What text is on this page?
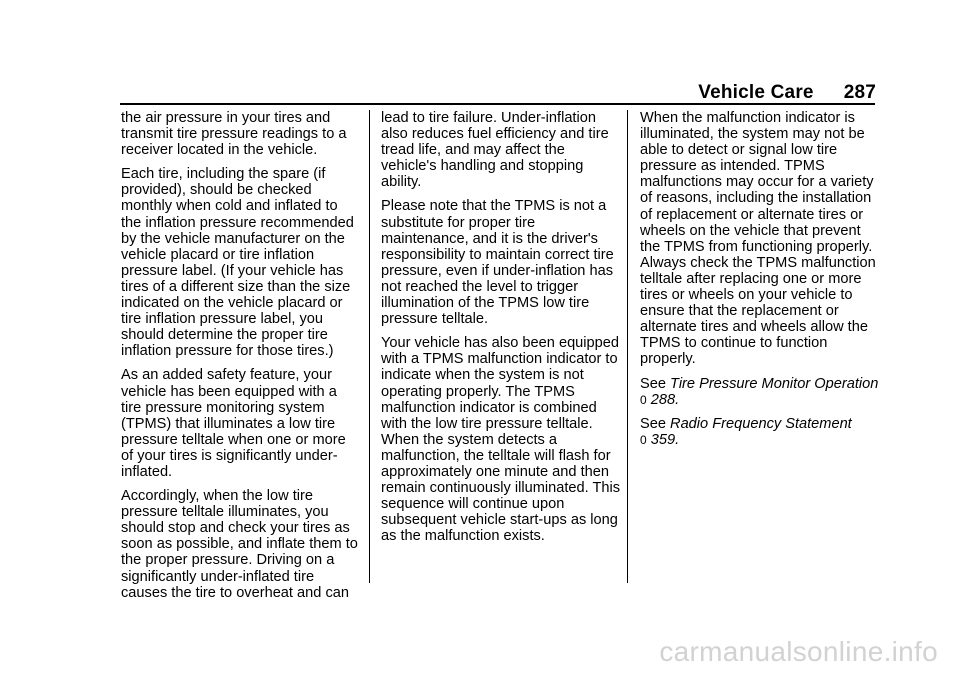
Vehicle Care 287

the air pressure in your tires and transmit tire pressure readings to a receiver located in the vehicle.

Each tire, including the spare (if provided), should be checked monthly when cold and inflated to the inflation pressure recommended by the vehicle manufacturer on the vehicle placard or tire inflation pressure label. (If your vehicle has tires of a different size than the size indicated on the vehicle placard or tire inflation pressure label, you should determine the proper tire inflation pressure for those tires.)

As an added safety feature, your vehicle has been equipped with a tire pressure monitoring system (TPMS) that illuminates a low tire pressure telltale when one or more of your tires is significantly under-inflated.

Accordingly, when the low tire pressure telltale illuminates, you should stop and check your tires as soon as possible, and inflate them to the proper pressure. Driving on a significantly under-inflated tire causes the tire to overheat and can

lead to tire failure. Under-inflation also reduces fuel efficiency and tire tread life, and may affect the vehicle's handling and stopping ability.

Please note that the TPMS is not a substitute for proper tire maintenance, and it is the driver's responsibility to maintain correct tire pressure, even if under-inflation has not reached the level to trigger illumination of the TPMS low tire pressure telltale.

Your vehicle has also been equipped with a TPMS malfunction indicator to indicate when the system is not operating properly. The TPMS malfunction indicator is combined with the low tire pressure telltale. When the system detects a malfunction, the telltale will flash for approximately one minute and then remain continuously illuminated. This sequence will continue upon subsequent vehicle start-ups as long as the malfunction exists.

When the malfunction indicator is illuminated, the system may not be able to detect or signal low tire pressure as intended. TPMS malfunctions may occur for a variety of reasons, including the installation of replacement or alternate tires or wheels on the vehicle that prevent the TPMS from functioning properly. Always check the TPMS malfunction telltale after replacing one or more tires or wheels on your vehicle to ensure that the replacement or alternate tires and wheels allow the TPMS to continue to function properly.

See Tire Pressure Monitor Operation
0 288.

See Radio Frequency Statement
0 359.

carmanualsonline.info
